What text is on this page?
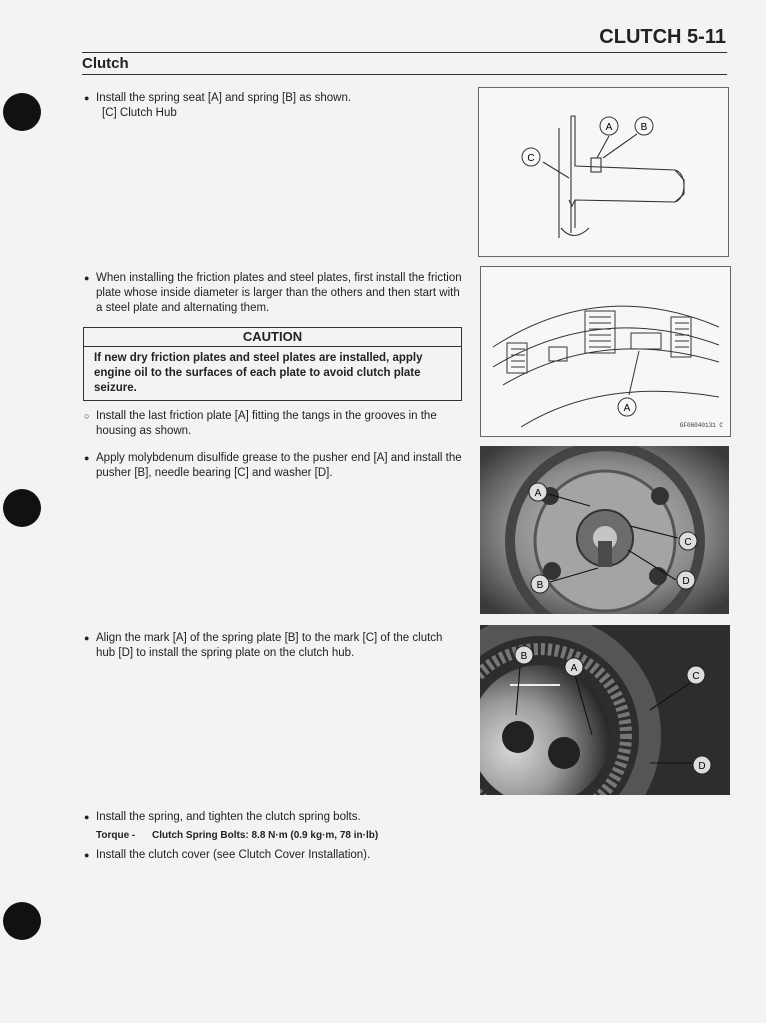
CLUTCH 5-11
Clutch
● Install the spring seat [A] and spring [B] as shown.
[C] Clutch Hub
● When installing the friction plates and steel plates, first install the friction plate whose inside diameter is larger than the others and then start with a steel plate and alternating them.
CAUTION
If new dry friction plates and steel plates are installed, apply engine oil to the surfaces of each plate to avoid clutch plate seizure.
○ Install the last friction plate [A] fitting the tangs in the grooves in the housing as shown.
● Apply molybdenum disulfide grease to the pusher end [A] and install the pusher [B], needle bearing [C] and washer [D].
● Align the mark [A] of the spring plate [B] to the mark [C] of the clutch hub [D] to install the spring plate on the clutch hub.
● Install the spring, and tighten the clutch spring bolts.
Torque - Clutch Spring Bolts: 8.8 N·m (0.9 kg·m, 78 in·lb)
● Install the clutch cover (see Clutch Cover Installation).
A	B
C
A
GF06040131 C
A
B
C
D
B
A
C
D
